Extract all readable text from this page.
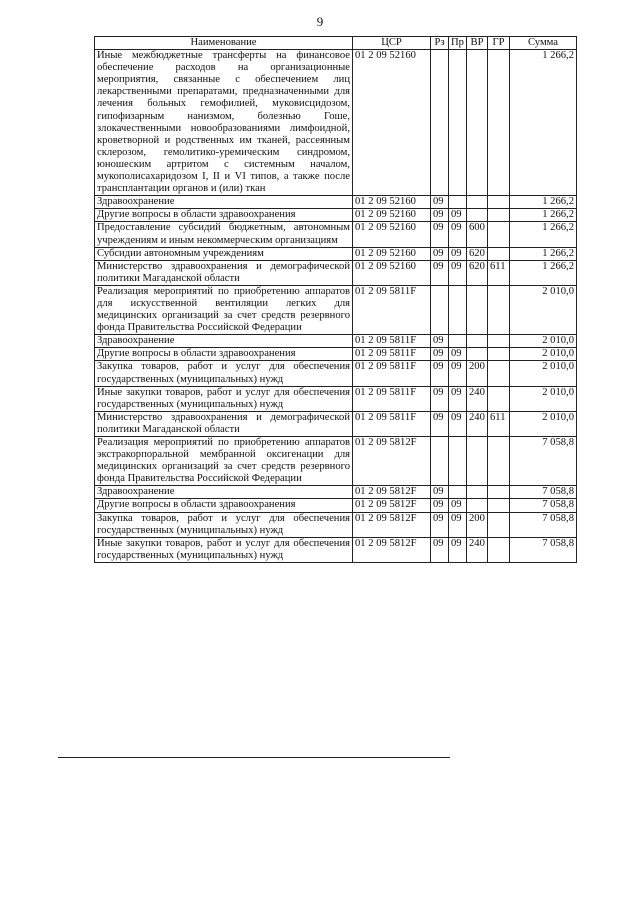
9
Наименование	ЦСР	Рз	Пр	ВР	ГР	Сумма
Иные межбюджетные трансферты на финансовое обеспечение расходов на организационные мероприятия, связанные с обеспечением лиц лекарственными препаратами, предназначенными для лечения больных гемофилией, муковисцидозом, гипофизарным нанизмом, болезнью Гоше, злокачественными новообразованиями лимфоидной, кроветворной и родственных им тканей, рассеянным склерозом, гемолитико-уремическим синдромом, юношеским артритом с системным началом, мукополисахаридозом I, II и VI типов, а также после трансплантации органов и (или) ткан	01 2 09 52160					1 266,2
Здравоохранение	01 2 09 52160	09				1 266,2
Другие вопросы в области здравоохранения	01 2 09 52160	09	09			1 266,2
Предоставление субсидий бюджетным, автономным учреждениям и иным некоммерческим организациям	01 2 09 52160	09	09	600		1 266,2
Субсидии автономным учреждениям	01 2 09 52160	09	09	620		1 266,2
Министерство здравоохранения и демографической политики Магаданской области	01 2 09 52160	09	09	620	611	1 266,2
Реализация мероприятий по приобретению аппаратов для искусственной вентиляции легких для медицинских организаций за счет средств резервного фонда Правительства Российской Федерации	01 2 09 5811F					2 010,0
Здравоохранение	01 2 09 5811F	09				2 010,0
Другие вопросы в области здравоохранения	01 2 09 5811F	09	09			2 010,0
Закупка товаров, работ и услуг для обеспечения государственных (муниципальных) нужд	01 2 09 5811F	09	09	200		2 010,0
Иные закупки товаров, работ и услуг для обеспечения государственных (муниципальных) нужд	01 2 09 5811F	09	09	240		2 010,0
Министерство здравоохранения и демографической политики Магаданской области	01 2 09 5811F	09	09	240	611	2 010,0
Реализация мероприятий по приобретению аппаратов экстракорпоральной мембранной оксигенации для медицинских организаций за счет средств резервного фонда Правительства Российской Федерации	01 2 09 5812F					7 058,8
Здравоохранение	01 2 09 5812F	09				7 058,8
Другие вопросы в области здравоохранения	01 2 09 5812F	09	09			7 058,8
Закупка товаров, работ и услуг для обеспечения государственных (муниципальных) нужд	01 2 09 5812F	09	09	200		7 058,8
Иные закупки товаров, работ и услуг для обеспечения государственных (муниципальных) нужд	01 2 09 5812F	09	09	240		7 058,8
